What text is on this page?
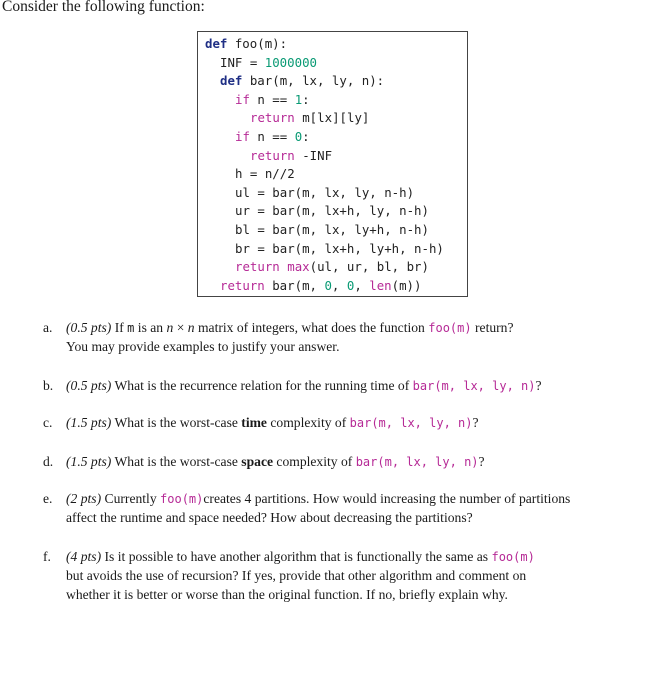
Consider the following function:
def foo(m):
INF = 1000000
def bar(m, lx, ly, n):
if n == 1:
return m[lx][ly]
if n == 0:
return -INF
h = n//2
ul = bar(m, lx, ly, n-h)
ur = bar(m, lx+h, ly, n-h)
bl = bar(m, lx, ly+h, n-h)
br = bar(m, lx+h, ly+h, n-h)
return max(ul, ur, bl, br)
return bar(m, 0, 0, len(m))
a. (0.5 pts) If m is an n × n matrix of integers, what does the function foo(m) return?
You may provide examples to justify your answer.
b. (0.5 pts) What is the recurrence relation for the running time of bar(m, lx, ly, n)?
c. (1.5 pts) What is the worst-case time complexity of bar(m, lx, ly, n)?
d. (1.5 pts) What is the worst-case space complexity of bar(m, lx, ly, n)?
e. (2 pts) Currently foo(m)creates 4 partitions. How would increasing the number of partitions
affect the runtime and space needed? How about decreasing the partitions?
f. (4 pts) Is it possible to have another algorithm that is functionally the same as foo(m)
but avoids the use of recursion? If yes, provide that other algorithm and comment on
whether it is better or worse than the original function. If no, briefly explain why.
